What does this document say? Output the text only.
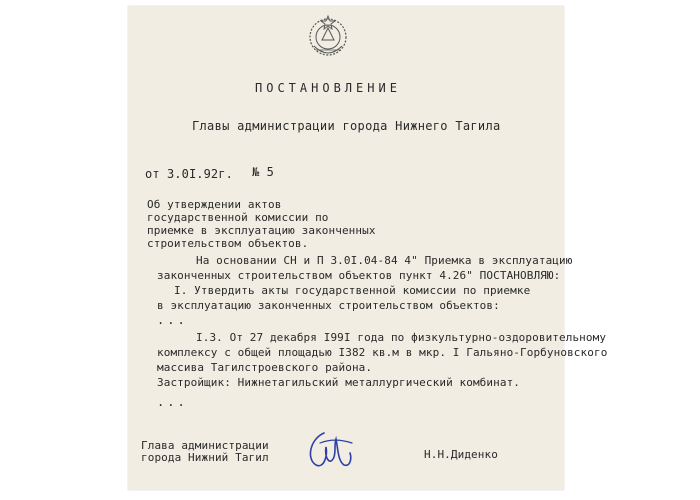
ПОСТАНОВЛЕНИЕ
Главы администрации города Нижнего Тагила
от 3.0I.92г. № 5
Об утверждении актов государственной комиссии по приемке в эксплуатацию законченных строительством объектов.
На основании СН и П 3.0I.04-84 4" Приемка в эксплуатацию
законченных строительством объектов пункт 4.26" ПОСТАНОВЛЯЮ:
I. Утвердить акты государственной комиссии по приемке
в эксплуатацию законченных строительством объектов:
...
I.3. От 27 декабря I99I года по физкультурно-оздоровительному
комплексу с общей площадью I382 кв.м в мкр. I Гальяно-Горбуновского
массива Тагилстроевского района.
Застройщик: Нижнетагильский металлургический комбинат.
...
Глава администрации города Нижний Тагил	Н.Н.Диденко
